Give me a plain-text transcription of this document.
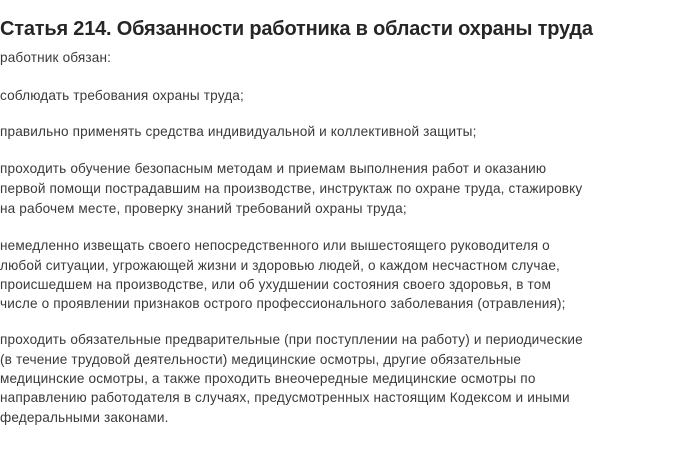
Статья 214. Обязанности работника в области охраны труда
работник обязан:
соблюдать требования охраны труда;
правильно применять средства индивидуальной и коллективной защиты;
проходить обучение безопасным методам и приемам выполнения работ и оказанию
первой помощи пострадавшим на производстве, инструктаж по охране труда, стажировку
на рабочем месте, проверку знаний требований охраны труда;
немедленно извещать своего непосредственного или вышестоящего руководителя о
любой ситуации, угрожающей жизни и здоровью людей, о каждом несчастном случае,
происшедшем на производстве, или об ухудшении состояния своего здоровья, в том
числе о проявлении признаков острого профессионального заболевания (отравления);
проходить обязательные предварительные (при поступлении на работу) и периодические
(в течение трудовой деятельности) медицинские осмотры, другие обязательные
медицинские осмотры, а также проходить внеочередные медицинские осмотры по
направлению работодателя в случаях, предусмотренных настоящим Кодексом и иными
федеральными законами.
